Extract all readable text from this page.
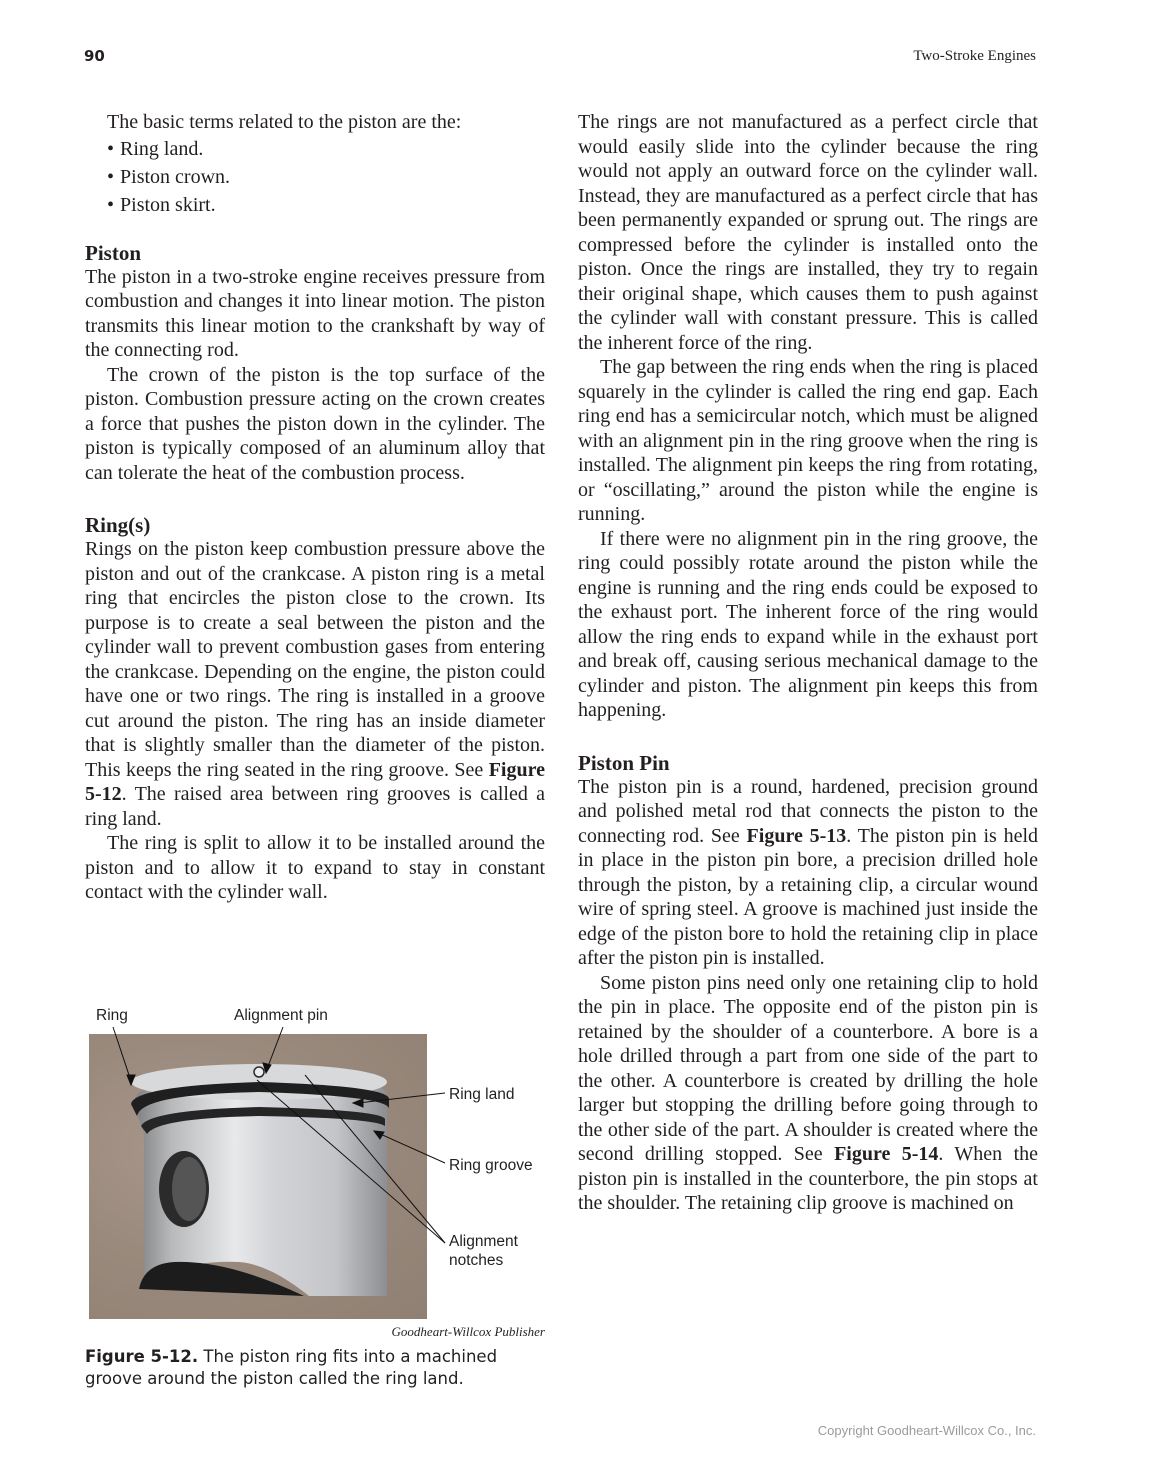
90	Two-Stroke Engines

The basic terms related to the piston are the:

• Ring land.
• Piston crown.
• Piston skirt.
Piston

The piston in a two-stroke engine receives pressure from combustion and changes it into linear motion. The piston transmits this linear motion to the crankshaft by way of the connecting rod.

The crown of the piston is the top surface of the piston. Combustion pressure acting on the crown creates a force that pushes the piston down in the cylinder. The piston is typically composed of an aluminum alloy that can tolerate the heat of the combustion process.

Ring(s)

Rings on the piston keep combustion pressure above the piston and out of the crankcase. A piston ring is a metal ring that encircles the piston close to the crown. Its purpose is to create a seal between the piston and the cylinder wall to prevent combustion gases from entering the crankcase. Depending on the engine, the piston could have one or two rings. The ring is installed in a groove cut around the piston. The ring has an inside diameter that is slightly smaller than the diameter of the piston. This keeps the ring seated in the ring groove. See Figure 5-12. The raised area between ring grooves is called a ring land.

The ring is split to allow it to be installed around the piston and to allow it to expand to stay in constant contact with the cylinder wall.

Ring	Alignment pin
Ring land
Ring groove
Alignment
notches
Goodheart-Willcox Publisher
Figure 5-12. The piston ring fits into a machined groove around the piston called the ring land.

The rings are not manufactured as a perfect circle that would easily slide into the cylinder because the ring would not apply an outward force on the cylinder wall. Instead, they are manufactured as a perfect circle that has been permanently expanded or sprung out. The rings are compressed before the cylinder is installed onto the piston. Once the rings are installed, they try to regain their original shape, which causes them to push against the cylinder wall with constant pressure. This is called the inherent force of the ring.

The gap between the ring ends when the ring is placed squarely in the cylinder is called the ring end gap. Each ring end has a semicircular notch, which must be aligned with an alignment pin in the ring groove when the ring is installed. The alignment pin keeps the ring from rotating, or “oscillating,” around the piston while the engine is running.

If there were no alignment pin in the ring groove, the ring could possibly rotate around the piston while the engine is running and the ring ends could be exposed to the exhaust port. The inherent force of the ring would allow the ring ends to expand while in the exhaust port and break off, causing serious mechanical damage to the cylinder and piston. The alignment pin keeps this from happening.

Piston Pin

The piston pin is a round, hardened, precision ground and polished metal rod that connects the piston to the connecting rod. See Figure 5-13. The piston pin is held in place in the piston pin bore, a precision drilled hole through the piston, by a retaining clip, a circular wound wire of spring steel. A groove is machined just inside the edge of the piston bore to hold the retaining clip in place after the piston pin is installed.

Some piston pins need only one retaining clip to hold the pin in place. The opposite end of the piston pin is retained by the shoulder of a counterbore. A bore is a hole drilled through a part from one side of the part to the other. A counterbore is created by drilling the hole larger but stopping the drilling before going through to the other side of the part. A shoulder is created where the second drilling stopped. See Figure 5-14. When the piston pin is installed in the counterbore, the pin stops at the shoulder. The retaining clip groove is machined on

Copyright Goodheart-Willcox Co., Inc.
